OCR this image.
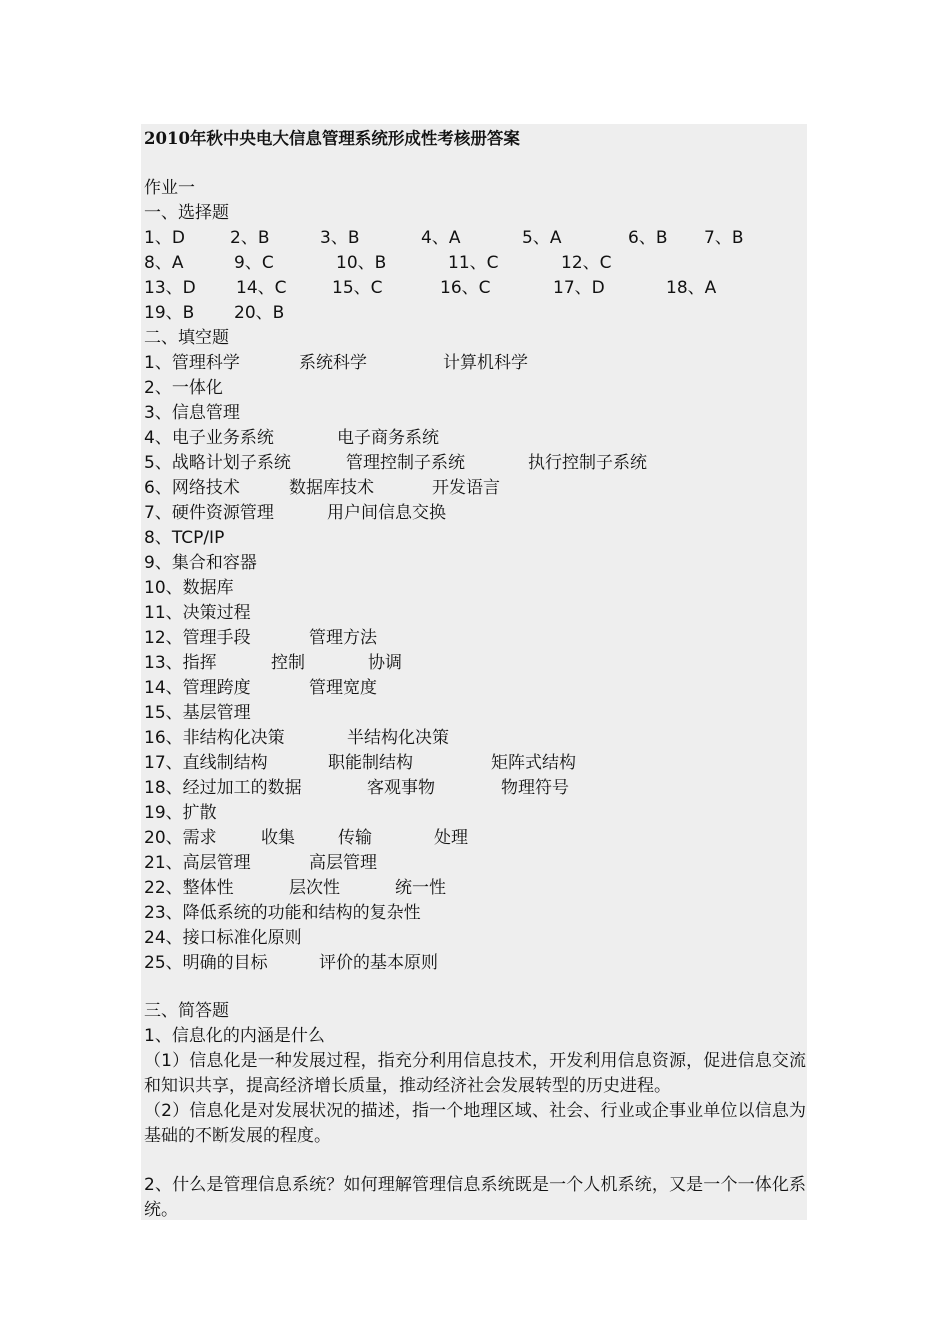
2010年秋中央电大信息管理系统形成性考核册答案
作业一
一、选择题
1、D	2、B	3、B	4、A	5、A	6、B 7、B
8、A	9、C	10、B	11、C	12、C
13、D 14、C	15、C	16、C	17、D	18、A
19、B 20、B
二、填空题
1、管理科学	系统科学	计算机科学
2、一体化
3、信息管理
4、电子业务系统	电子商务系统
5、战略计划子系统	管理控制子系统	执行控制子系统
6、网络技术	数据库技术	开发语言
7、硬件资源管理	用户间信息交换
8、TCP/IP
9、集合和容器
10、数据库
11、决策过程
12、管理手段	管理方法
13、指挥	控制	协调
14、管理跨度	管理宽度
15、基层管理
16、非结构化决策	半结构化决策
17、直线制结构	职能制结构	矩阵式结构
18、经过加工的数据	客观事物	物理符号
19、扩散
20、需求	收集	传输	处理
21、高层管理	高层管理
22、整体性	层次性	统一性
23、降低系统的功能和结构的复杂性
24、接口标准化原则
25、明确的目标	评价的基本原则
三、简答题
1、信息化的内涵是什么
（1）信息化是一种发展过程，指充分利用信息技术，开发利用信息资源，促进信息交流和知识共享，提高经济增长质量，推动经济社会发展转型的历史进程。
（2）信息化是对发展状况的描述，指一个地理区域、社会、行业或企事业单位以信息为基础的不断发展的程度。
2、什么是管理信息系统？如何理解管理信息系统既是一个人机系统，又是一个一体化系统。
